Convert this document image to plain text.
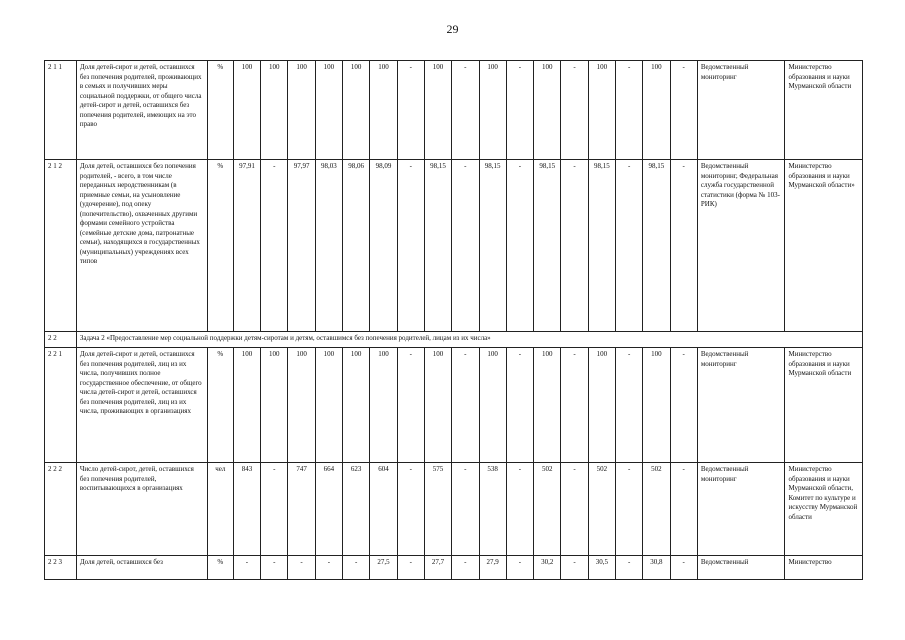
29
2 1 1	Доля детей-сирот и детей, оставшихся без попечения родителей, проживающих в семьях и получивших меры социальной поддержки, от общего числа детей-сирот и детей, оставшихся без попечения родителей, имеющих на это право	%	100	100	100	100	100	100	-	100	-	100	-	100	-	100	-	100	-	Ведомственный мониторинг	Министерство образования и науки Мурманской области
2 1 2	Доля детей, оставшихся без попечения родителей, - всего, в том числе переданных неродственникам (в приемные семьи, на усыновление (удочерение), под опеку (попечительство), охваченных другими формами семейного устройства (семейные детские дома, патронатные семьи), находящихся в государственных (муниципальных) учреждениях всех типов	%	97,91	-	97,97	98,03	98,06	98,09	-	98,15	-	98,15	-	98,15	-	98,15	-	98,15	-	Ведомственный мониторинг, Федеральная служба государственной статистики (форма № 103-РИК)	Министерство образования и науки Мурманской области»
2 2	Задача 2 «Предоставление мер социальной поддержки детям-сиротам и детям, оставшимся без попечения родителей, лицам из их числа»																				
2 2 1	Доля детей-сирот и детей, оставшихся без попечения родителей, лиц из их числа, получивших полное государственное обеспечение, от общего числа детей-сирот и детей, оставшихся без попечения родителей, лиц из их числа, проживающих в организациях	%	100	100	100	100	100	100	-	100	-	100	-	100	-	100	-	100	-	Ведомственный мониторинг	Министерство образования и науки Мурманской области
2 2 2	Число детей-сирот, детей, оставшихся без попечения родителей, воспитывающихся в организациях	чел	843	-	747	664	623	604	-	575	-	538	-	502	-	502	-	502	-	Ведомственный мониторинг	Министерство образования и науки Мурманской области, Комитет по культуре и искусству Мурманской области
2 2 3	Доля детей, оставшихся без	%	-	-	-	-	-	27,5	-	27,7	-	27,9	-	30,2	-	30,5	-	30,8	-	Ведомственный	Министерство
